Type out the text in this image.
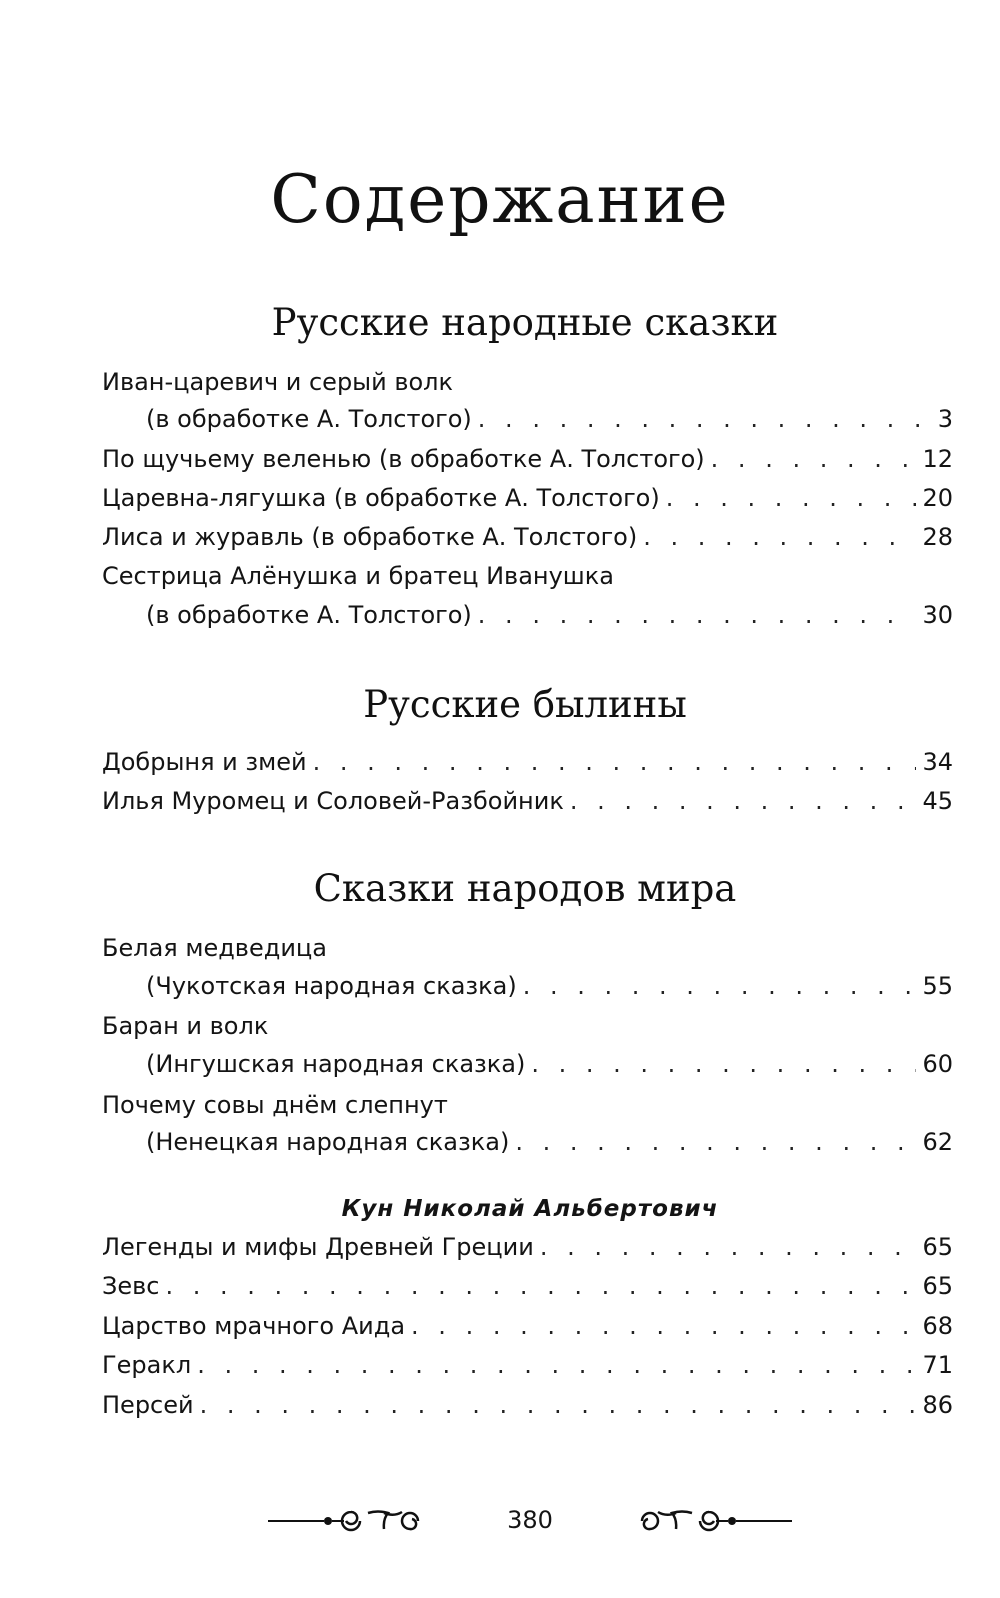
Содержание
Русские народные сказки
Иван-царевич и серый волк
(в обработке А. Толстого) . . .	3
По щучьему веленью (в обработке А. Толстого) . . .	12
Царевна-лягушка (в обработке А. Толстого) . . .	20
Лиса и журавль (в обработке А. Толстого) . . .	28
Сестрица Алёнушка и братец Иванушка
(в обработке А. Толстого) . . .	30
Русские былины
Добрыня и змей . . .	34
Илья Муромец и Соловей-Разбойник . . .	45
Сказки народов мира
Белая медведица
(Чукотская народная сказка) . . .	55
Баран и волк
(Ингушская народная сказка) . . .	60
Почему совы днём слепнут
(Ненецкая народная сказка) . . .	62
Кун Николай Альбертович
Легенды и мифы Древней Греции . . .	65
Зевс . . .	65
Царство мрачного Аида . . .	68
Геракл . . .	71
Персей . . .	86
380
